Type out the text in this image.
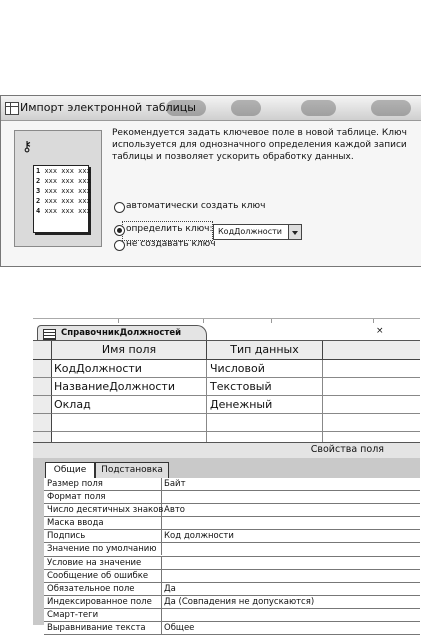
Импорт электронной таблицы
⚷
1 xxx xxx xxx
2 xxx xxx xxx
3 xxx xxx xxx
2 xxx xxx xxx
4 xxx xxx xxx
Рекомендуется задать ключевое поле в новой таблице. Ключ используется для однозначного определения каждой записи таблицы и позволяет ускорить обработку данных.
автоматически создать ключ
определить ключ: КодДолжности
не создавать ключ
СправочникДолжностей	×
Имя поля	Тип данных
КодДолжности	Числовой
НазваниеДолжности	Текстовый
Оклад	Денежный
Свойства поля
Общие	Подстановка
Размер поля	Байт
Формат поля
Число десятичных знаков Авто
Маска ввода
Подпись	Код должности
Значение по умолчанию
Условие на значение
Сообщение об ошибке
Обязательное поле	Да
Индексированное поле	Да (Совпадения не допускаются)
Смарт-теги
Выравнивание текста	Общее
